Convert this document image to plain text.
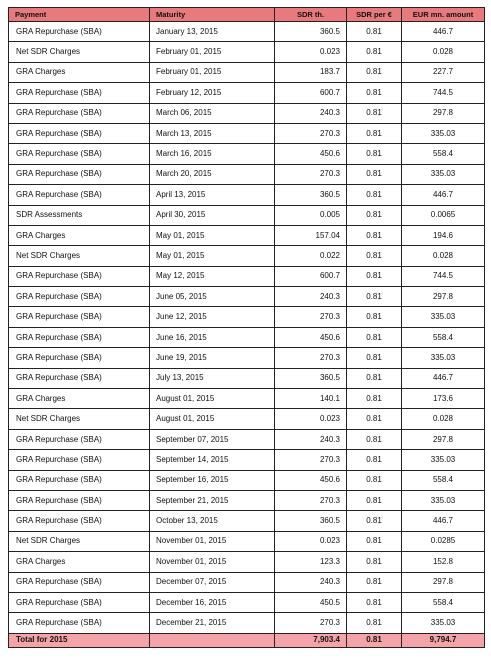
Payment	Maturity	SDR th.	SDR per €	EUR mn. amount
GRA Repurchase (SBA)	January 13, 2015	360.5	0.81	446.7
Net SDR Charges	February 01, 2015	0.023	0.81	0.028
GRA Charges	February 01, 2015	183.7	0.81	227.7
GRA Repurchase (SBA)	February 12, 2015	600.7	0.81	744.5
GRA Repurchase (SBA)	March 06, 2015	240.3	0.81	297.8
GRA Repurchase (SBA)	March 13, 2015	270.3	0.81	335.03
GRA Repurchase (SBA)	March 16, 2015	450.6	0.81	558.4
GRA Repurchase (SBA)	March 20, 2015	270.3	0.81	335.03
GRA Repurchase (SBA)	April 13, 2015	360.5	0.81	446.7
SDR Assessments	April 30, 2015	0.005	0.81	0.0065
GRA Charges	May 01, 2015	157.04	0.81	194.6
Net SDR Charges	May 01, 2015	0.022	0.81	0.028
GRA Repurchase (SBA)	May 12, 2015	600.7	0.81	744.5
GRA Repurchase (SBA)	June 05, 2015	240.3	0.81	297.8
GRA Repurchase (SBA)	June 12, 2015	270.3	0.81	335.03
GRA Repurchase (SBA)	June 16, 2015	450.6	0.81	558.4
GRA Repurchase (SBA)	June 19, 2015	270.3	0.81	335.03
GRA Repurchase (SBA)	July 13, 2015	360.5	0.81	446.7
GRA Charges	August 01, 2015	140.1	0.81	173.6
Net SDR Charges	August 01, 2015	0.023	0.81	0.028
GRA Repurchase (SBA)	September 07, 2015	240.3	0.81	297.8
GRA Repurchase (SBA)	September 14, 2015	270.3	0.81	335.03
GRA Repurchase (SBA)	September 16, 2015	450.6	0.81	558.4
GRA Repurchase (SBA)	September 21, 2015	270.3	0.81	335.03
GRA Repurchase (SBA)	October 13, 2015	360.5	0.81	446.7
Net SDR Charges	November 01, 2015	0.023	0.81	0.0285
GRA Charges	November 01, 2015	123.3	0.81	152.8
GRA Repurchase (SBA)	December 07, 2015	240.3	0.81	297.8
GRA Repurchase (SBA)	December 16, 2015	450.5	0.81	558.4
GRA Repurchase (SBA)	December 21, 2015	270.3	0.81	335.03
Total for 2015		7,903.4	0.81	9,794.7
